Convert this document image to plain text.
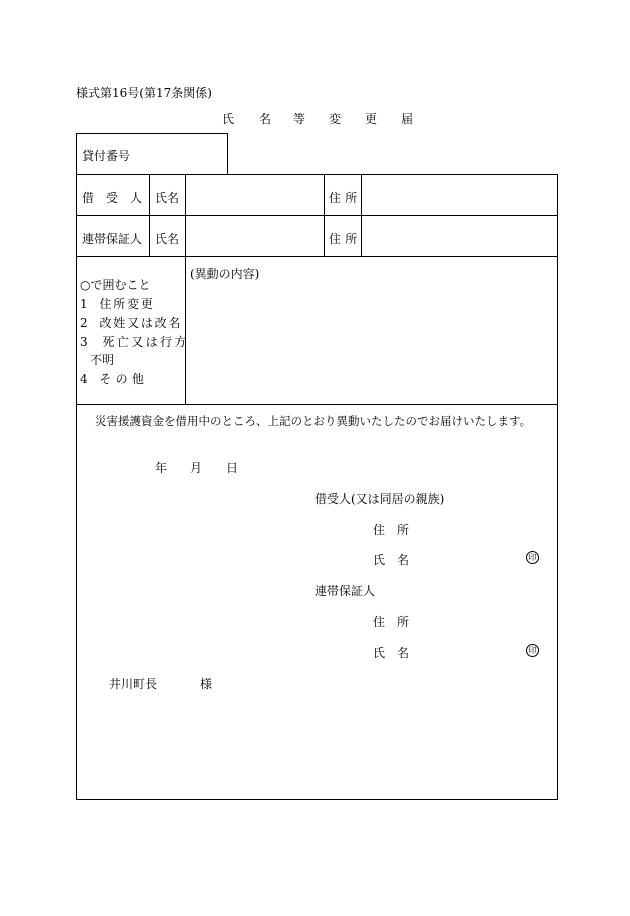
様式第16号(第17条関係)
氏 名 等 変 更 届
貸付番号
借　受　人 氏名	住所
連帯保証人 氏名	住所
○で囲むこと
1 住所変更
2 改姓又は改名
3 死亡又は行方
不明
4 その他
(異動の内容)
災害援護資金を借用中のところ、上記のとおり異動いたしたのでお届けいたします。
年 月 日
借受人(又は同居の親族)
住　所
氏　名	印
連帯保証人
住　所
氏　名	印
井川町長	様
